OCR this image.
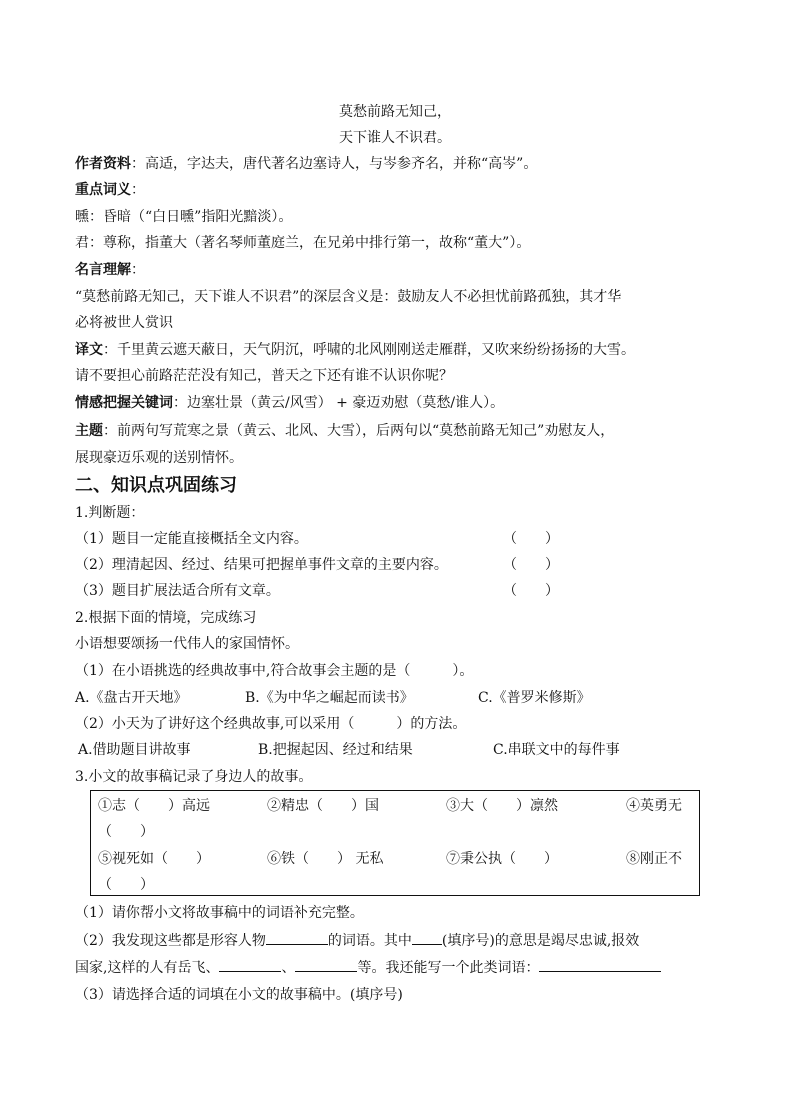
莫愁前路无知己，
天下谁人不识君。
作者资料：高适，字达夫，唐代著名边塞诗人，与岑参齐名，并称“高岑”。
重点词义：
曛：昏暗（“白日曛”指阳光黯淡）。
君：尊称，指董大（著名琴师董庭兰，在兄弟中排行第一，故称“董大”）。
名言理解：
“莫愁前路无知己，天下谁人不识君”的深层含义是：鼓励友人不必担忧前路孤独，其才华
必将被世人赏识
译文：千里黄云遮天蔽日，天气阴沉，呼啸的北风刚刚送走雁群，又吹来纷纷扬扬的大雪。
请不要担心前路茫茫没有知己，普天之下还有谁不认识你呢？
情感把握关键词：边塞壮景（黄云/风雪） + 豪迈劝慰（莫愁/谁人）。
主题：前两句写荒寒之景（黄云、北风、大雪），后两句以“莫愁前路无知己”劝慰友人，
展现豪迈乐观的送别情怀。
二、知识点巩固练习
1.判断题：
（1）题目一定能直接概括全文内容。	（　　）
（2）理清起因、经过、结果可把握单事件文章的主要内容。	（　　）
（3）题目扩展法适合所有文章。	（　　）
2.根据下面的情境，完成练习
小语想要颂扬一代伟人的家国情怀。
（1）在小语挑选的经典故事中,符合故事会主题的是（　　　）。
A.《盘古开天地》	B.《为中华之崛起而读书》	C.《普罗米修斯》
（2）小天为了讲好这个经典故事,可以采用（　　　）的方法。
A.借助题目讲故事	B.把握起因、经过和结果	C.串联文中的每件事
3.小文的故事稿记录了身边人的故事。
①志（　　）高远	②精忠（　　）国	③大（　　）凛然	④英勇无
（　　）
⑤视死如（　　）	⑥铁（　　） 无私	⑦秉公执（　　）	⑧刚正不
（　　）
（1）请你帮小文将故事稿中的词语补充完整。
（2）我发现这些都是形容人物	的词语。其中 (填序号)的意思是竭尽忠诚,报效
国家,这样的人有岳飞、	、	等。我还能写一个此类词语：
（3）请选择合适的词填在小文的故事稿中。(填序号)
